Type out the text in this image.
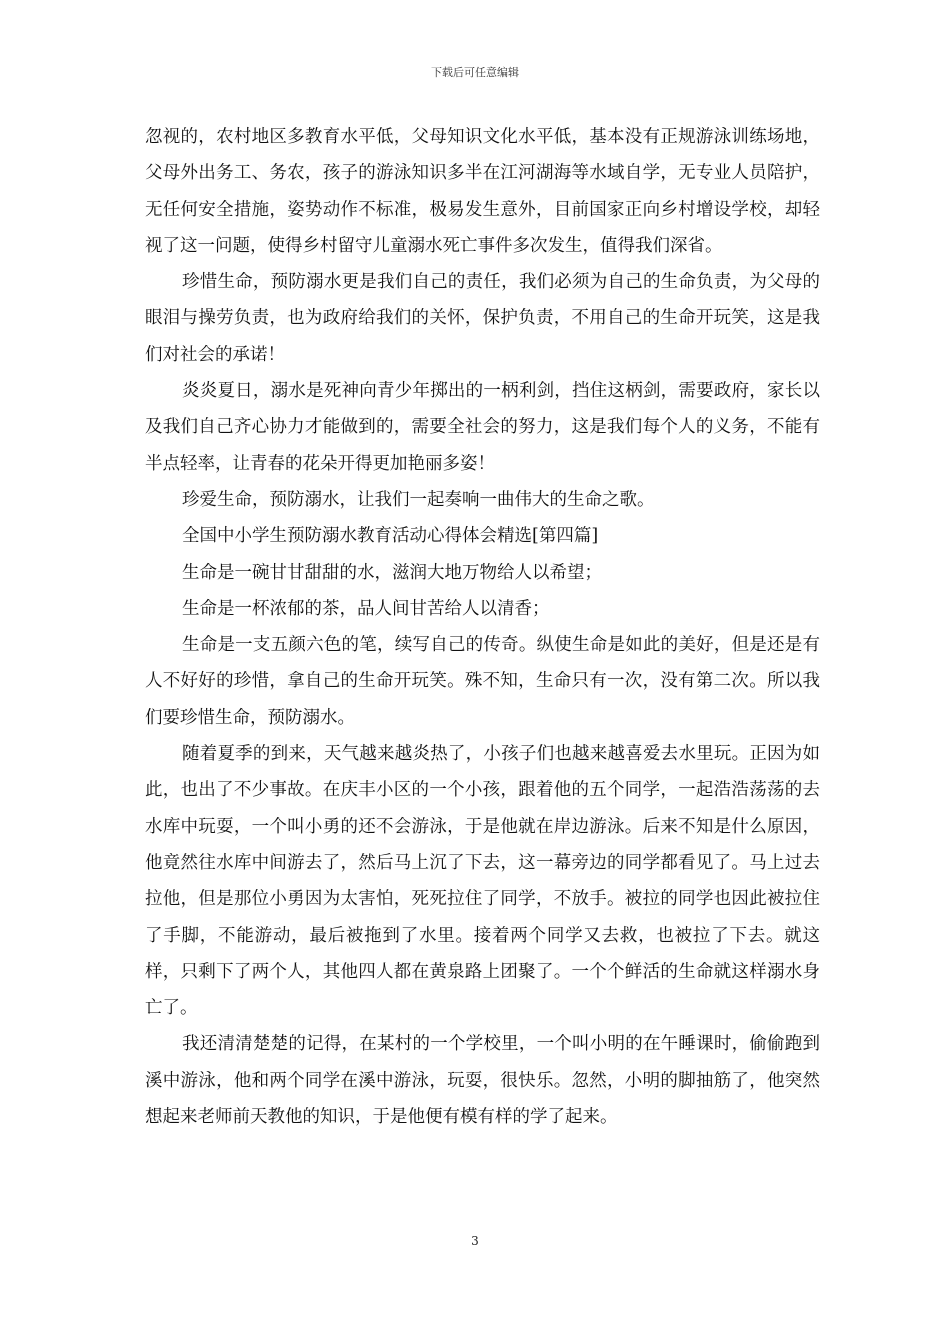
下载后可任意编辑

忽视的，农村地区多教育水平低，父母知识文化水平低，基本没有正规游泳训练场地，父母外出务工、务农，孩子的游泳知识多半在江河湖海等水域自学，无专业人员陪护，无任何安全措施，姿势动作不标准，极易发生意外，目前国家正向乡村增设学校，却轻视了这一问题，使得乡村留守儿童溺水死亡事件多次发生，值得我们深省。

珍惜生命，预防溺水更是我们自己的责任，我们必须为自己的生命负责，为父母的眼泪与操劳负责，也为政府给我们的关怀，保护负责，不用自己的生命开玩笑，这是我们对社会的承诺！

炎炎夏日，溺水是死神向青少年掷出的一柄利剑，挡住这柄剑，需要政府，家长以及我们自己齐心协力才能做到的，需要全社会的努力，这是我们每个人的义务，不能有半点轻率，让青春的花朵开得更加艳丽多姿！

珍爱生命，预防溺水，让我们一起奏响一曲伟大的生命之歌。

全国中小学生预防溺水教育活动心得体会精选[第四篇]

生命是一碗甘甘甜甜的水，滋润大地万物给人以希望；

生命是一杯浓郁的茶，品人间甘苦给人以清香；

生命是一支五颜六色的笔，续写自己的传奇。纵使生命是如此的美好，但是还是有人不好好的珍惜，拿自己的生命开玩笑。殊不知，生命只有一次，没有第二次。所以我们要珍惜生命，预防溺水。

随着夏季的到来，天气越来越炎热了，小孩子们也越来越喜爱去水里玩。正因为如此，也出了不少事故。在庆丰小区的一个小孩，跟着他的五个同学，一起浩浩荡荡的去水库中玩耍，一个叫小勇的还不会游泳，于是他就在岸边游泳。后来不知是什么原因，他竟然往水库中间游去了，然后马上沉了下去，这一幕旁边的同学都看见了。马上过去拉他，但是那位小勇因为太害怕，死死拉住了同学，不放手。被拉的同学也因此被拉住了手脚，不能游动，最后被拖到了水里。接着两个同学又去救，也被拉了下去。就这样，只剩下了两个人，其他四人都在黄泉路上团聚了。一个个鲜活的生命就这样溺水身亡了。

我还清清楚楚的记得，在某村的一个学校里，一个叫小明的在午睡课时，偷偷跑到溪中游泳，他和两个同学在溪中游泳，玩耍，很快乐。忽然，小明的脚抽筋了，他突然想起来老师前天教他的知识，于是他便有模有样的学了起来。

3
